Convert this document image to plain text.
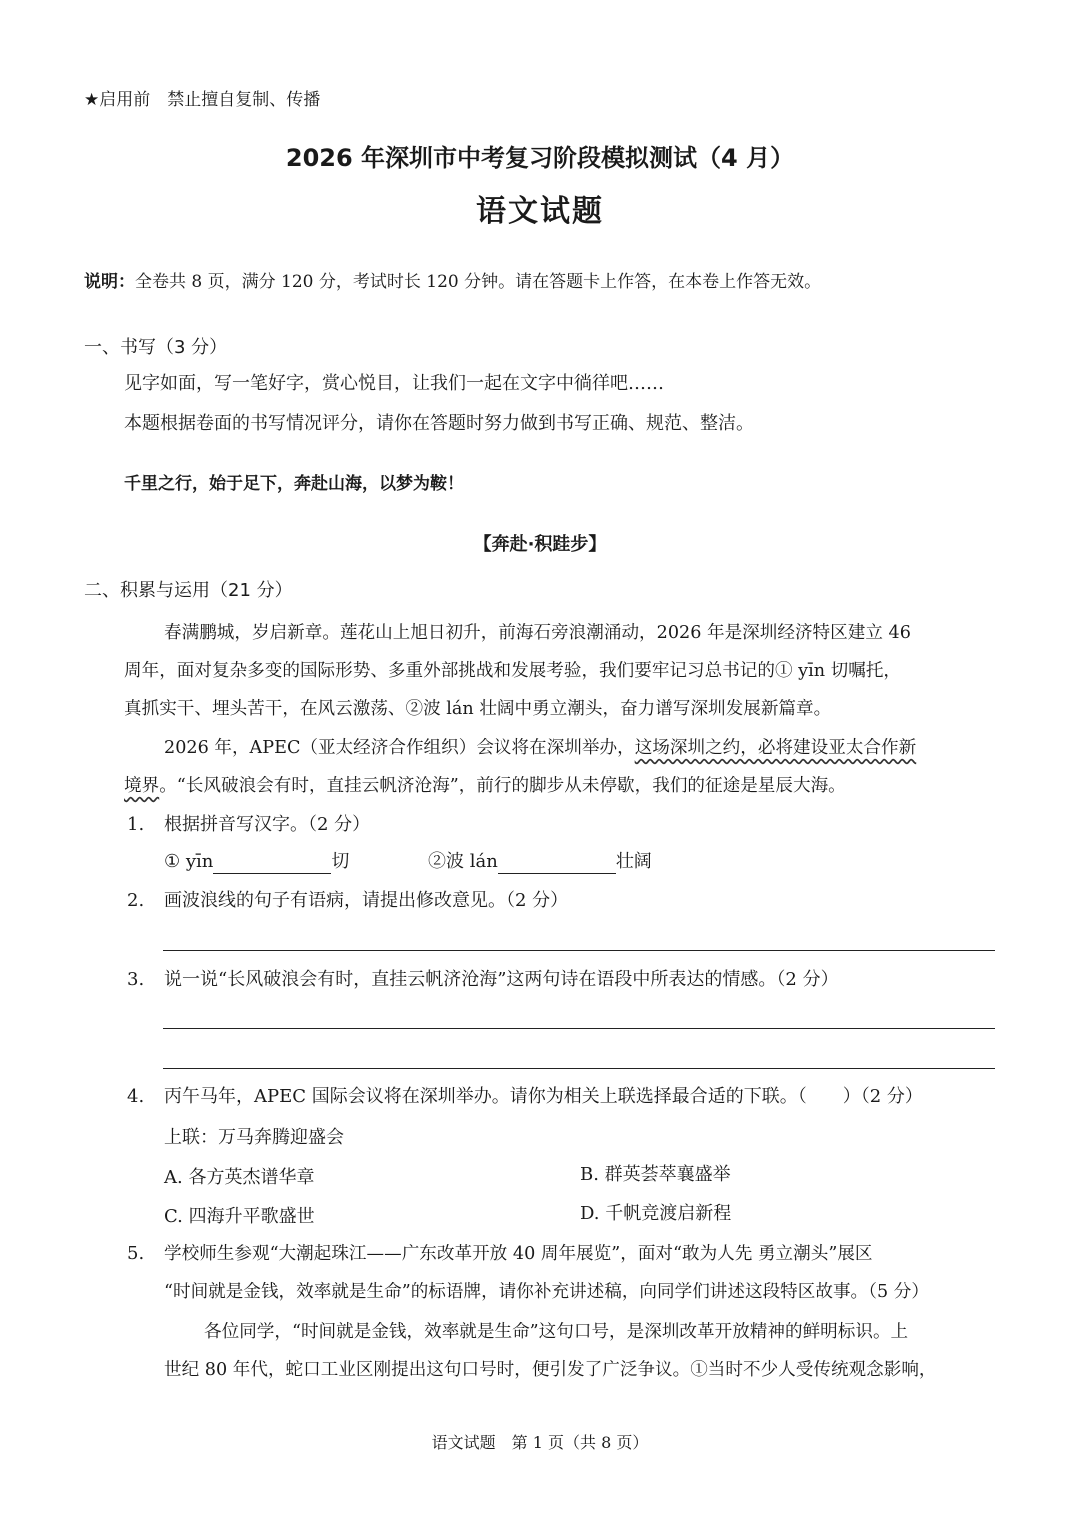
★启用前　禁止擅自复制、传播
2026 年深圳市中考复习阶段模拟测试（4 月）
语文试题
说明：全卷共 8 页，满分 120 分，考试时长 120 分钟。请在答题卡上作答，在本卷上作答无效。
一、书写（3 分）
见字如面，写一笔好字，赏心悦目，让我们一起在文字中徜徉吧……
本题根据卷面的书写情况评分，请你在答题时努力做到书写正确、规范、整洁。
千里之行，始于足下，奔赴山海，以梦为鞍！
【奔赴·积跬步】
二、积累与运用（21 分）
春满鹏城，岁启新章。莲花山上旭日初升，前海石旁浪潮涌动，2026 年是深圳经济特区建立 46
周年，面对复杂多变的国际形势、多重外部挑战和发展考验，我们要牢记习总书记的① yīn 切嘱托，
真抓实干、埋头苦干，在风云激荡、②波 lán 壮阔中勇立潮头，奋力谱写深圳发展新篇章。
2026 年，APEC（亚太经济合作组织）会议将在深圳举办，这场深圳之约，必将建设亚太合作新
境界。“长风破浪会有时，直挂云帆济沧海”，前行的脚步从未停歇，我们的征途是星辰大海。
1. 根据拼音写汉字。（2 分）
① yīn	切	②波 lán	壮阔
2. 画波浪线的句子有语病，请提出修改意见。（2 分）
3. 说一说“长风破浪会有时，直挂云帆济沧海”这两句诗在语段中所表达的情感。（2 分）
4. 丙午马年，APEC 国际会议将在深圳举办。请你为相关上联选择最合适的下联。（　　）（2 分）
上联：万马奔腾迎盛会
A. 各方英杰谱华章	B. 群英荟萃襄盛举
C. 四海升平歌盛世	D. 千帆竞渡启新程
5. 学校师生参观“大潮起珠江——广东改革开放 40 周年展览”，面对“敢为人先 勇立潮头”展区
“时间就是金钱，效率就是生命”的标语牌，请你补充讲述稿，向同学们讲述这段特区故事。（5 分）
各位同学，“时间就是金钱，效率就是生命”这句口号，是深圳改革开放精神的鲜明标识。上
世纪 80 年代，蛇口工业区刚提出这句口号时，便引发了广泛争议。①当时不少人受传统观念影响，
语文试题　第 1 页（共 8 页）
